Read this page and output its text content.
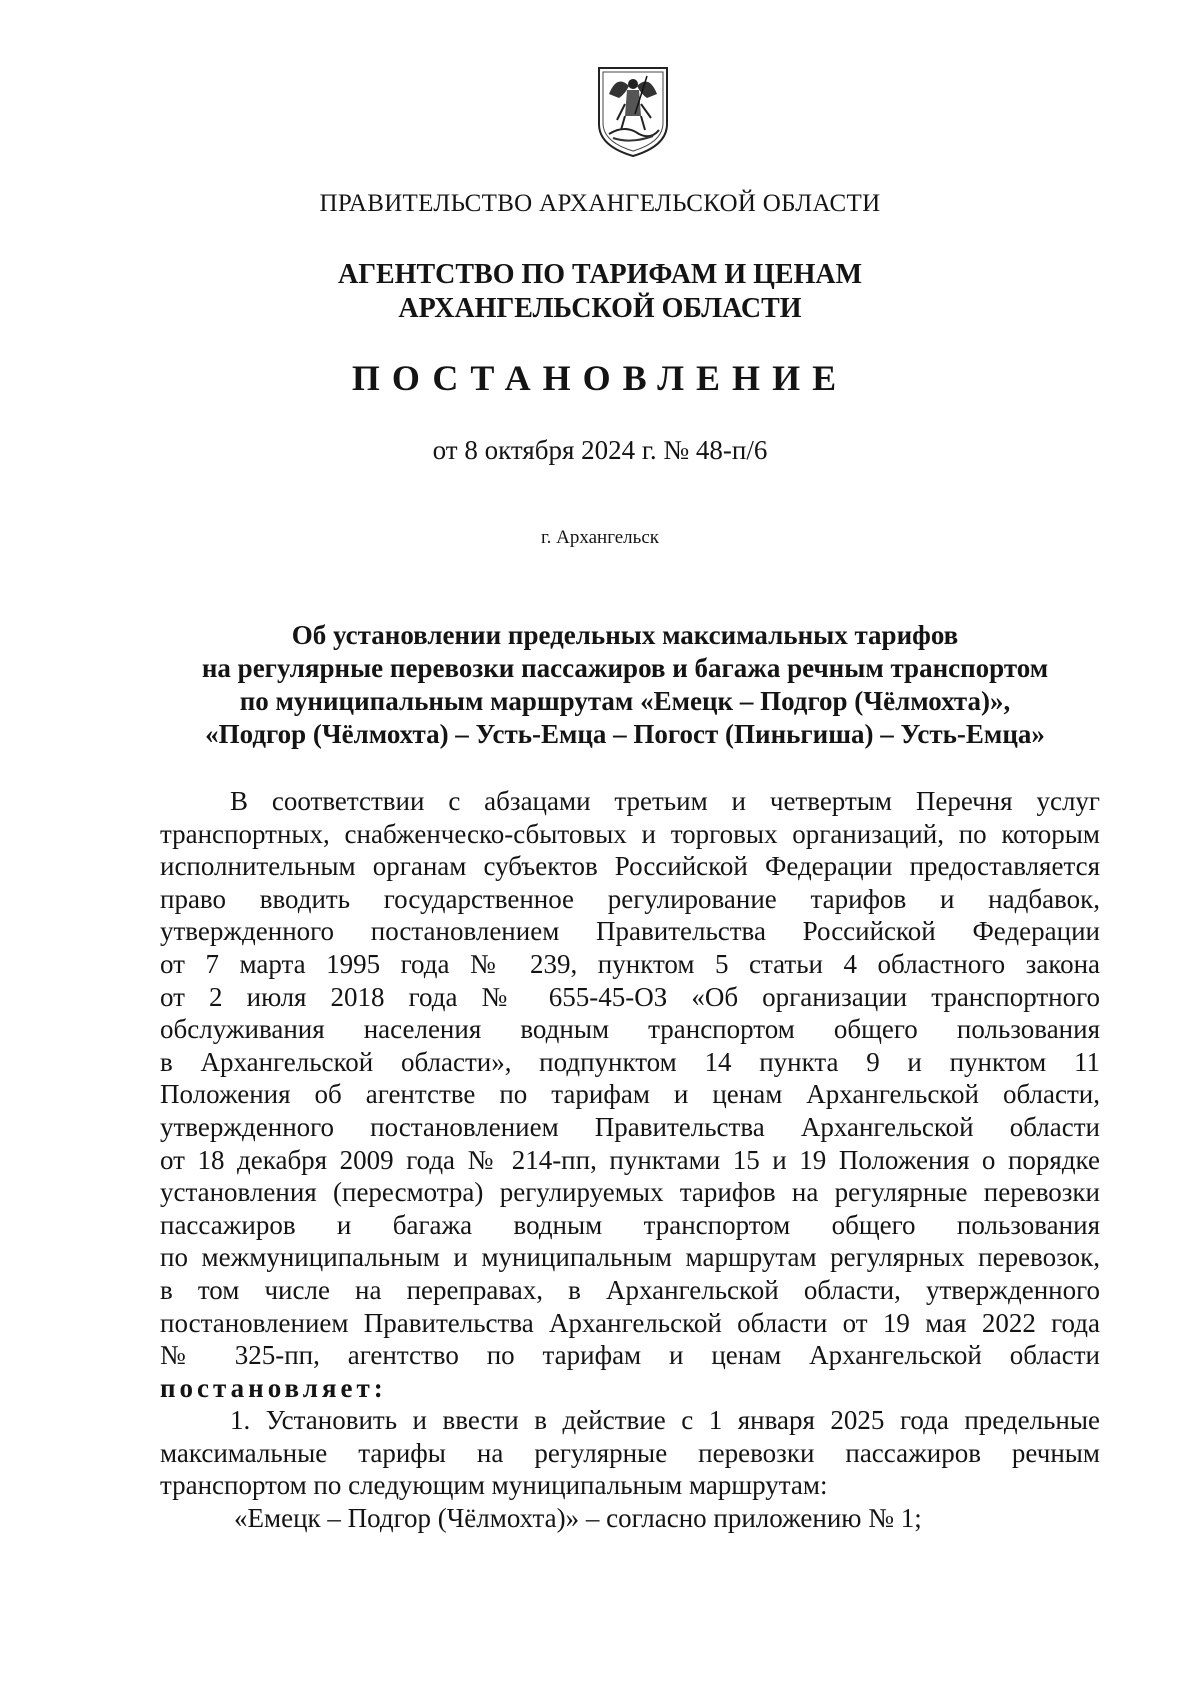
ПРАВИТЕЛЬСТВО АРХАНГЕЛЬСКОЙ ОБЛАСТИ
АГЕНТСТВО ПО ТАРИФАМ И ЦЕНАМ
АРХАНГЕЛЬСКОЙ ОБЛАСТИ
ПОСТАНОВЛЕНИЕ
от 8 октября 2024 г. № 48-п/6
г. Архангельск
Об установлении предельных максимальных тарифов
на регулярные перевозки пассажиров и багажа речным транспортом
по муниципальным маршрутам «Емецк – Подгор (Чёлмохта)»,
«Подгор (Чёлмохта) – Усть-Емца – Погост (Пиньгиша) – Усть-Емца»
В соответствии с абзацами третьим и четвертым Перечня услуг
транспортных, снабженческо-сбытовых и торговых организаций, по которым
исполнительным органам субъектов Российской Федерации предоставляется
право вводить государственное регулирование тарифов и надбавок,
утвержденного постановлением Правительства Российской Федерации
от 7 марта 1995 года № 239, пунктом 5 статьи 4 областного закона
от 2 июля 2018 года № 655-45-ОЗ «Об организации транспортного
обслуживания населения водным транспортом общего пользования
в Архангельской области», подпунктом 14 пункта 9 и пунктом 11
Положения об агентстве по тарифам и ценам Архангельской области,
утвержденного постановлением Правительства Архангельской области
от 18 декабря 2009 года № 214-пп, пунктами 15 и 19 Положения о порядке
установления (пересмотра) регулируемых тарифов на регулярные перевозки
пассажиров и багажа водным транспортом общего пользования
по межмуниципальным и муниципальным маршрутам регулярных перевозок,
в том числе на переправах, в Архангельской области, утвержденного
постановлением Правительства Архангельской области от 19 мая 2022 года
№ 325-пп, агентство по тарифам и ценам Архангельской области
постановляет:
1. Установить и ввести в действие с 1 января 2025 года предельные
максимальные тарифы на регулярные перевозки пассажиров речным
транспортом по следующим муниципальным маршрутам:
«Емецк – Подгор (Чёлмохта)» – согласно приложению № 1;
